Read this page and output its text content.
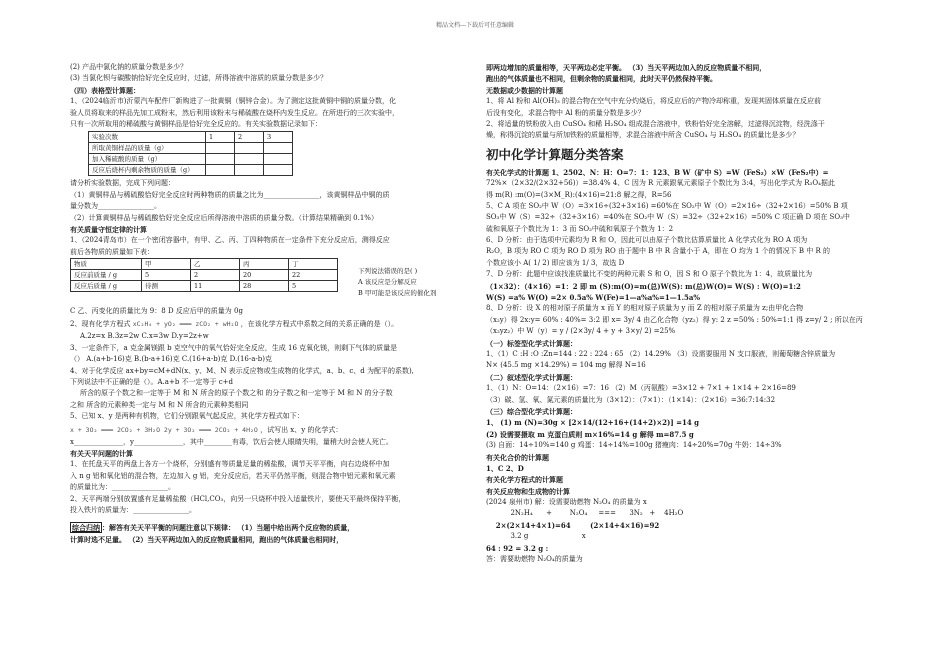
精品文档---下载后可任意编辑
(2) 产品中氯化钠的质量分数是多少？
(3) 当氯化钡与碳酸钠恰好完全反应时，过滤，所得溶液中溶质的质量分数是多少？
（四）表格型计算题：
1、（2024临沂市)沂蒙汽车配件厂新购进了一批黄铜（铜锌合金）。为了测定这批黄铜中铜的质量分数，化
验人员将取来的样品先加工成粉末，然后利用该粉末与稀硫酸在烧杯内发生反应。在所进行的三次实验中，
只有一次所取用的稀硫酸与黄铜样品是恰好完全反应的。有关实验数据记录如下：
实验次数	1	2	3
所取黄铜样品的质量（g）			
加入稀硫酸的质量（g）			
反应后烧杯内剩余物质的质量（g）			
请分析实验数据，完成下列问题：
（1）黄铜样品与稀硫酸恰好完全反应时两种物质的质量之比为________________，该黄铜样品中铜的质
量分数为________________。
（2）计算黄铜样品与稀硫酸恰好完全反应后所得溶液中溶质的质量分数。（计算结果精确到 0.1%）
有关质量守恒定律的计算
1、（2024青岛市）在一个密闭容器中，有甲、乙、丙、丁四种物质在一定条件下充分反应后，测得反应
前后各物质的质量如下表：
物质	甲	乙	丙	丁
反应前质量 / g	5	2	20	22
反应后质量 / g	待测	11	28	5
下列说法错误的是( )
A 该反应是分解反应
B 甲可能是该反应的催化剂
C 乙、丙变化的质量比为 9：8 D 反应后甲的质量为 0g
2、现有化学方程式 xC₂H₄ + yO₂ ═══ zCO₂ + wH₂O ，在该化学方程式中系数之间的关系正确的是（）。
A.2z=x B.3z=2w C.x=3w D.y=2z+w
3、一定条件下，a 克金属镁跟 b 克空气中的氧气恰好完全反应，生成 16 克氧化镁，则剩下气体的质量是
（） A.(a+b-16)克 B.(b-a+16)克 C.(16+a-b)克 D.(16-a-b)克
4、对于化学反应 ax+by=cM+dN(x、y、M、N 表示反应物或生成物的化学式，a、b、c、d 为配平的系数),
下列说法中不正确的是（）。A.a+b 不一定等于 c+d
所含的原子个数之和一定等于 M 和 N 所含的原子个数之和 的分子数之和一定等于 M 和 N 的分子数
之和 所含的元素种类一定与 M 和 N 所含的元素种类相同
5、已知 x、y 是两种有机物，它们分别跟氧气起反应，其化学方程式如下：
x + 3O₂ ═══ 2CO₂ + 3H₂O 2y + 3O₂ ═══ 2CO₂ + 4H₂O ，试写出 x、y 的化学式：
x______________，y______________，其中________有毒，饮后会使人眼睛失明，量稍大时会使人死亡。
有关天平问题的计算
1、在托盘天平的两盘上各方一个烧杯，分别盛有等质量足量的稀盐酸，调节天平平衡，向右边烧杯中加
入 n g 铝和氧化铝的混合物，左边加入 g 铝，充分反应后，若天平仍然平衡，则混合物中铝元素和氧元素
的质量比为：________________。
2、天平两端分别放置盛有足量稀盐酸（HCl,CO₃，向另一只烧杯中投入适量铁片，要使天平最终保持平衡，
投入铁片的质量为：________________。
综合归纳 ：解答有关天平平衡的问题注意以下规律： （1）当题中给出两个反应物的质量，
计算时选不足量。 （2）当天平两边加入的反应物质量相同，跑出的气体质量也相同时，
即两边增加的质量相等，天平两边必定平衡。 （3）当天平两边加入的反应物质量不相同，
跑出的气体质量也不相同，但剩余物的质量相同，此时天平仍然保持平衡。
无数据或少数据的计算题
1、将 Al 粉和 Al(OH)₃ 的混合物在空气中充分灼烧后，将反应后的产物冷却称重，发现其固体质量在反应前
后没有变化，求混合物中 Al 粉的质量分数是多少？
2、将适量的铁粉放入由 CuSO₄ 和稀 H₂SO₄ 组成混合溶液中，铁粉恰好完全溶解，过滤得沉淀物，经洗涤干
燥，称得沉淀的质量与所加铁粉的质量相等，求混合溶液中所含 CuSO₄ 与 H₂SO₄ 的质量比是多少？
初中化学计算题分类答案
有关化学式的计算题 1、2502、N：H：O=7：1：123、B W（矿中 S）=W（FeS₂）×W（FeS₂中）=
72%×（2×32/(2×32+56)）=38.4% 4、C 因为 R 元素跟氧元素原子个数比为 3:4，写出化学式为 R₃O₄据此
得 m(R) :m(O)=(3×M_R):(4×16)=21:8 解之得，R=56
5、C A 项在 SO₂中 W（O）=3×16÷(32+3×16) =60%在 SO₂中 W（O）=2×16÷（32+2×16）=50% B 项
SO₃中 W（S）=32÷（32+3×16）=40%在 SO₂中 W（S）=32÷（32+2×16）=50% C 项正确 D 项在 SO₃中
硫和氧原子个数比为 1：3 而 SO₂中硫和氧原子个数为 1：2
6、D 分析：由于选项中元素均为 R 和 O，因此可以由原子个数比估算质量比 A 化学式化为 RO A 项为
R₂O，B 项为 RO C 项为 RO D 项为 RO 由于题中 B 中 R 含量小于 A，即在 O 均为 1 个的情况下 B 中 R 的
个数应该小 A( 1/ 2) 即应该为 1/ 3，故选 D
7、D 分析：此题中应该找准质量比不变的两种元素 S 和 O，因 S 和 O 原子个数比为 1：4，故质量比为
（1×32）：（4×16）=1：2 即 m (S):m(O)=m(总)W(S): m(总)W(O)= W(S) : W(O)=1:2
W(S) =a% W(O) =2× 0.5a% W(Fe)=1—a%a%=1—1.5a%
8、D 分析：设 X 的相对原子质量为 x 而 Y 的相对原子质量为 y 而 Z 的相对原子质量为 z;由甲化合物
（x₂y）得 2x:y= 60% : 40%= 3:2 即 x= 3y/ 4 由乙化合物（yz₂）得 y: 2 z =50% : 50%=1:1 得 z=y/ 2 ; 所以在丙
（x₂yz₂）中 W（y）= y / (2×3y/ 4 + y + 3×y/ 2) =25%
（一）标签型化学式计算题：
1、（1）C :H :O :Zn=144 : 22 : 224 : 65 （2）14.29% （3）设需要服用 N 支口服液，则葡萄糖含锌质量为
N× (45.5 mg ×14.29%) = 104 mg 解得 N=16
（二）叙述型化学式计算题：
1、（1）N：O=14：（2×16）=7：16 （2）M（丙氨酸）=3×12 + 7×1 + 1×14 + 2×16=89
（3）碳、氢、氧、氮元素的质量比为（3×12）：（7×1）：（1×14）：（2×16）=36:7:14:32
（三）综合型化学式计算题：
1、 (1) m (N)=30g × [2×14/(12+16+(14+2)×2)] =14 g
(2) 设需要摄取 m 克蛋白质则 m×16%=14 g 解得 m=87.5 g
(3) 自面：14÷10%=140 g 鸡蛋：14÷14%=100g 猪瘦肉：14÷20%=70g 牛奶：14÷3%
有关化合价的计算题
1、C 2、D
有关化学方程式的计算题
有关反应物和生成物的计算
(2024 泉州市) 解：设需要助燃物 N₂O₄ 的质量为 x
2N₂H₄      +        N₂O₄     ===      3N₂   +    4H₂O
2×(2×14+4×1)=64        (2×14+4×16)=92
3.2 g                        x
64 : 92 = 3.2 g :
答：需要助燃物 N₂O₄的质量为
